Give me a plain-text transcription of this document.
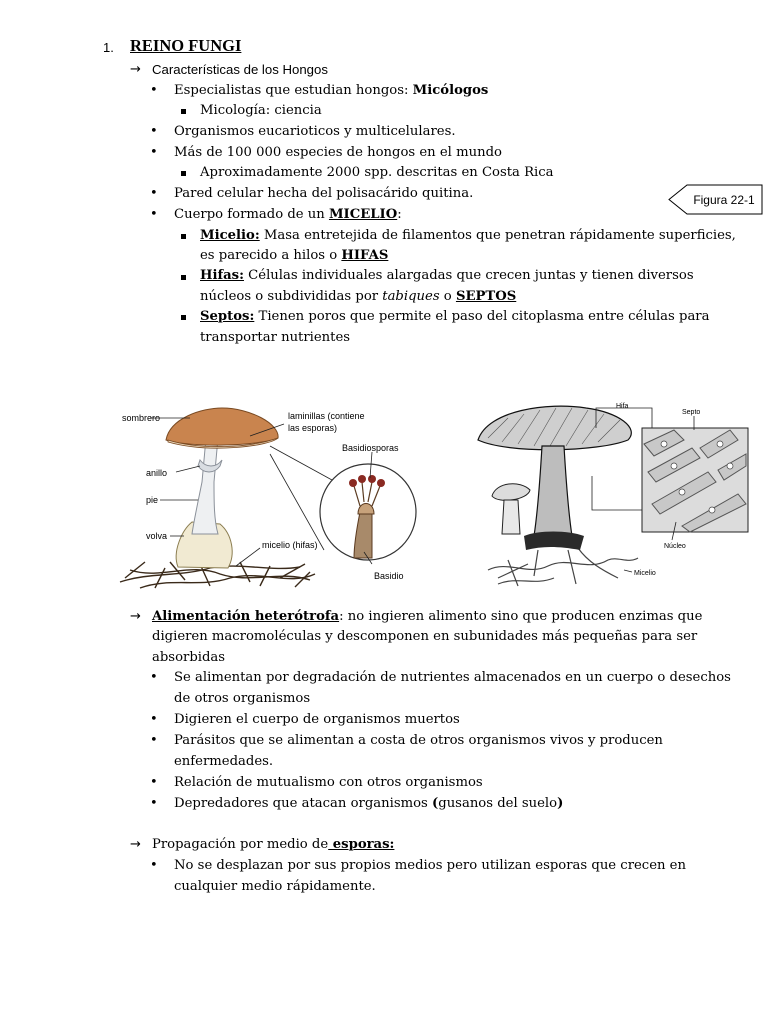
1. REINO FUNGI
→ Características de los Hongos
• Especialistas que estudian hongos: Micólogos
Micología: ciencia
• Organismos eucarioticos y multicelulares.
• Más de 100 000 especies de hongos en el mundo
Aproximadamente 2000 spp. descritas en Costa Rica
• Pared celular hecha del polisacárido quitina.
• Cuerpo formado de un MICELIO:
Micelio: Masa entretejida de filamentos que penetran rápidamente superficies,
es parecido a hilos o HIFAS
Hifas: Células individuales alargadas que crecen juntas y tienen diversos
núcleos o subdivididas por tabiques o SEPTOS
Septos: Tienen poros que permite el paso del citoplasma entre células para
transportar nutrientes
Figura 22-1
sombrero	laminillas (contiene
las esporas)
Basidiosporas
anillo
pie
volva
micelio (hifas)
Basidio
Hifa
Septo
Núcleo
Micelio
→ Alimentación heterótrofa: no ingieren alimento sino que producen enzimas que
digieren macromoléculas y descomponen en subunidades más pequeñas para ser
absorbidas
• Se alimentan por degradación de nutrientes almacenados en un cuerpo o desechos
de otros organismos
• Digieren el cuerpo de organismos muertos
• Parásitos que se alimentan a costa de otros organismos vivos y producen
enfermedades.
• Relación de mutualismo con otros organismos
• Depredadores que atacan organismos (gusanos del suelo)
→ Propagación por medio de esporas:
• No se desplazan por sus propios medios pero utilizan esporas que crecen en
cualquier medio rápidamente.
